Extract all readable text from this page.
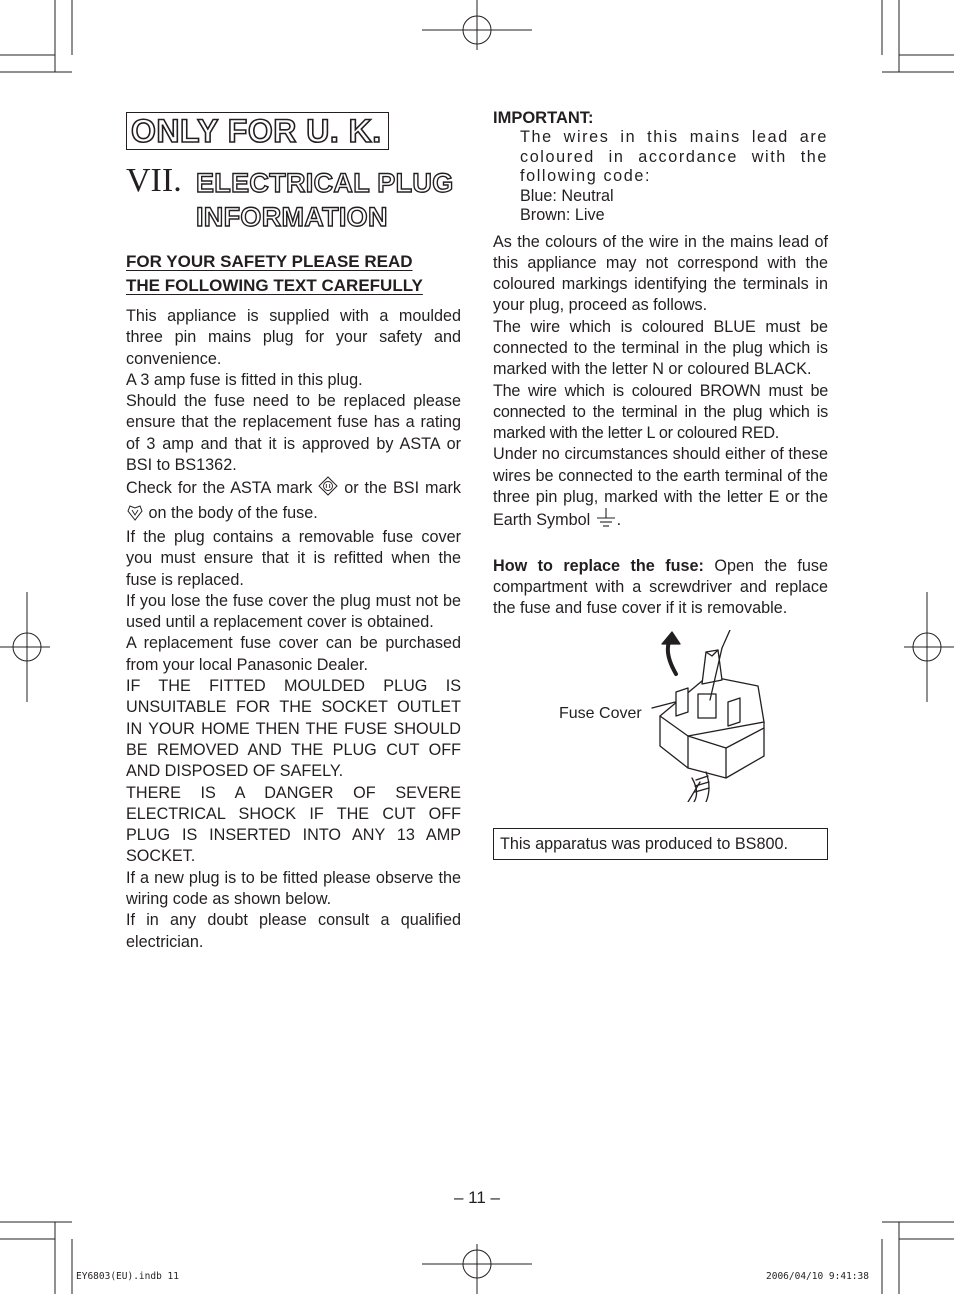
ONLY FOR U. K.
VII. ELECTRICAL PLUG
INFORMATION
FOR YOUR SAFETY PLEASE READ
THE FOLLOWING TEXT CAREFULLY

This appliance is supplied with a moulded three pin mains plug for your safety and convenience.

A 3 amp fuse is fitted in this plug.

Should the fuse need to be replaced please ensure that the replacement fuse has a rating of 3 amp and that it is approved by ASTA or BSI to BS1362.

Check for the ASTA mark or the BSI mark  on the body of the fuse.

If the plug contains a removable fuse cover you must ensure that it is refitted when the fuse is replaced.

If you lose the fuse cover the plug must not be used until a replacement cover is obtained.

A replacement fuse cover can be purchased from your local Panasonic Dealer.

IF THE FITTED MOULDED PLUG IS UNSUITABLE FOR THE SOCKET OUTLET IN YOUR HOME THEN THE FUSE SHOULD BE REMOVED AND THE PLUG CUT OFF AND DISPOSED OF SAFELY.

THERE IS A DANGER OF SEVERE ELECTRICAL SHOCK IF THE CUT OFF PLUG IS INSERTED INTO ANY 13 AMP SOCKET.

If a new plug is to be fitted please observe the wiring code as shown below.

If in any doubt please consult a qualified electrician.

IMPORTANT:

The wires in this mains lead are coloured in accordance with the following code:

Blue: Neutral

Brown: Live

As the colours of the wire in the mains lead of this appliance may not correspond with the coloured markings identifying the terminals in your plug, proceed as follows.

The wire which is coloured BLUE must be connected to the terminal in the plug which is marked with the letter N or coloured BLACK.

The wire which is coloured BROWN must be connected to the terminal in the plug which is marked with the letter L or coloured RED.

Under no circumstances should either of these wires be connected to the earth terminal of the three pin plug, marked with the letter E or the Earth Symbol .

How to replace the fuse: Open the fuse compartment with a screwdriver and replace the fuse and fuse cover if it is removable.

Fuse Cover
This apparatus was produced to BS800.
– 11 –
EY6803(EU).indb 11	2006/04/10 9:41:38
